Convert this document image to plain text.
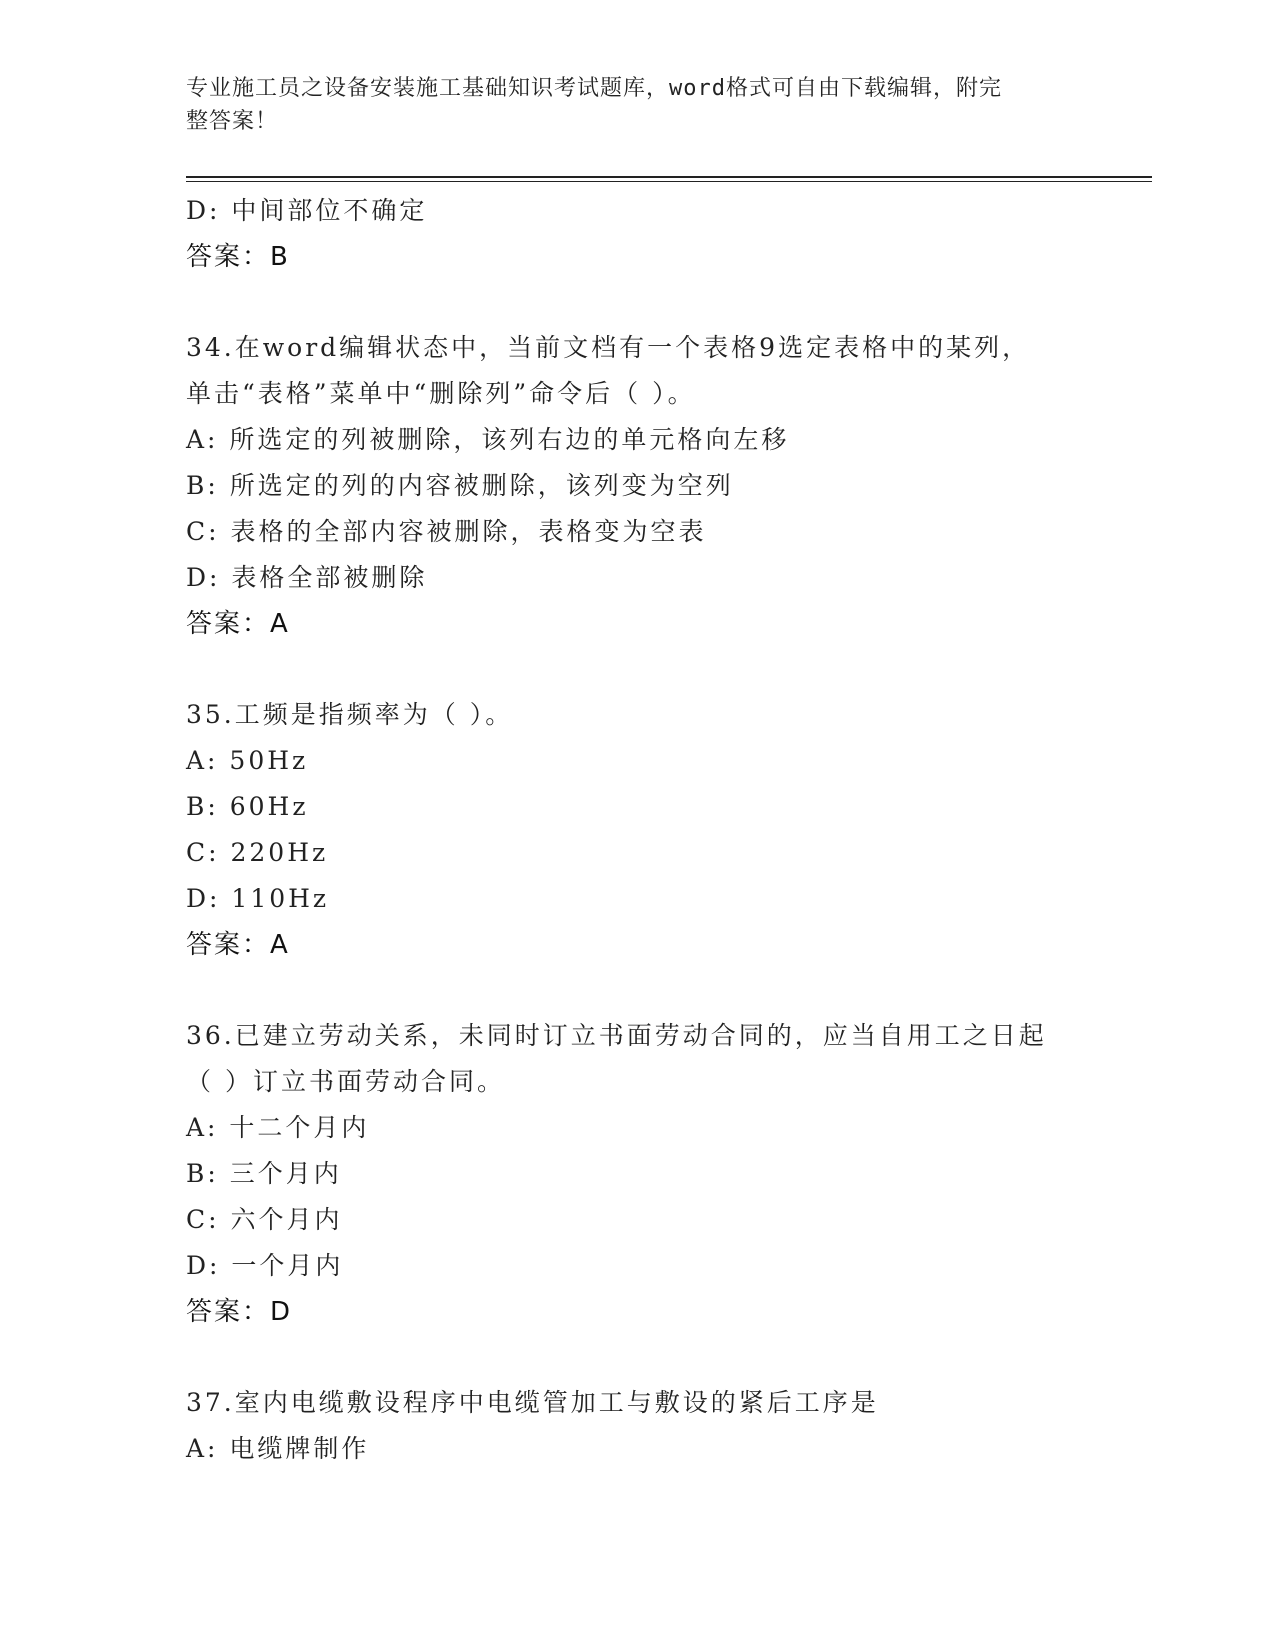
专业施工员之设备安装施工基础知识考试题库，word格式可自由下载编辑，附完
整答案！
D: 中间部位不确定
答案：B
34.在word编辑状态中，当前文档有一个表格9选定表格中的某列，
单击“表格”菜单中“删除列”命令后（ ）。
A: 所选定的列被删除，该列右边的单元格向左移
B: 所选定的列的内容被删除，该列变为空列
C: 表格的全部内容被删除，表格变为空表
D: 表格全部被删除
答案：A
35.工频是指频率为（ ）。
A: 50Hz
B: 60Hz
C: 220Hz
D: 110Hz
答案：A
36.已建立劳动关系，未同时订立书面劳动合同的，应当自用工之日起
（ ）订立书面劳动合同。
A: 十二个月内
B: 三个月内
C: 六个月内
D: 一个月内
答案：D
37.室内电缆敷设程序中电缆管加工与敷设的紧后工序是
A: 电缆牌制作
